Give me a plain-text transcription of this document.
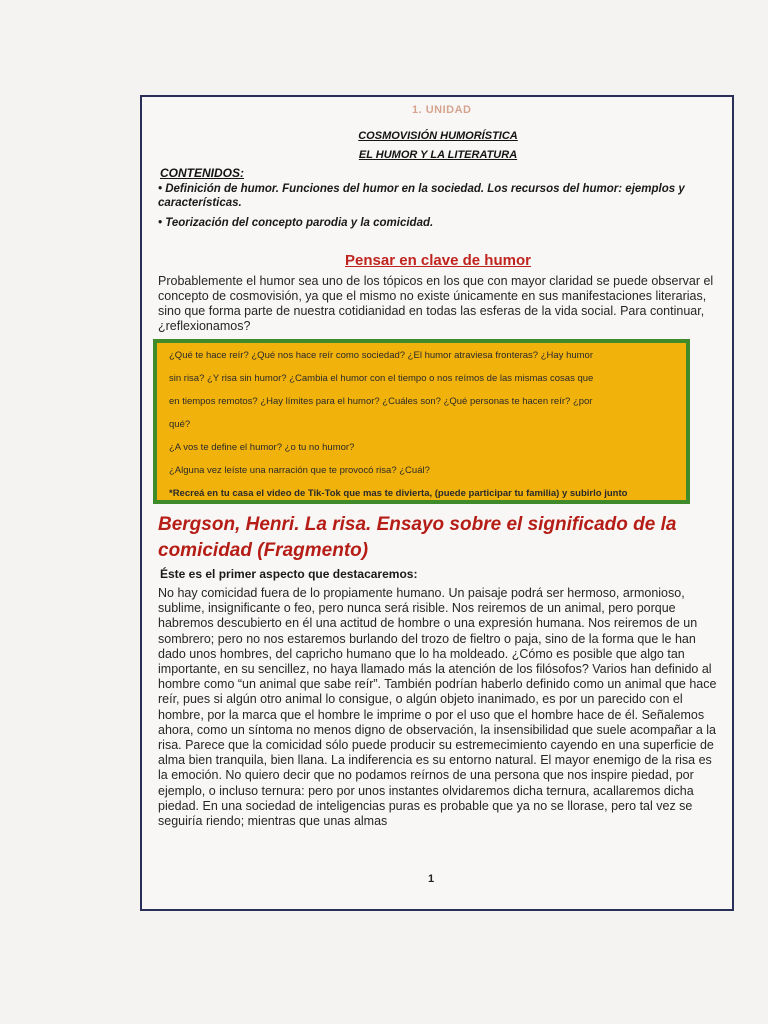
1. UNIDAD
COSMOVISIÓN HUMORÍSTICA
EL HUMOR Y LA LITERATURA
CONTENIDOS:
• Definición de humor. Funciones del humor en la sociedad. Los recursos del humor: ejemplos y características.
• Teorización del concepto parodia y la comicidad.
Pensar en clave de humor
Probablemente el humor sea uno de los tópicos en los que con mayor claridad se puede observar el concepto de cosmovisión, ya que el mismo no existe únicamente en sus manifestaciones literarias, sino que forma parte de nuestra cotidianidad en todas las esferas de la vida social. Para continuar, ¿reflexionamos?
¿Qué te hace reír? ¿Qué nos hace reír como sociedad? ¿El humor atraviesa fronteras? ¿Hay humor
sin risa? ¿Y risa sin humor? ¿Cambia el humor con el tiempo o nos reímos de las mismas cosas que
en tiempos remotos? ¿Hay límites para el humor? ¿Cuáles son? ¿Qué personas te hacen reír? ¿por
qué?
¿A vos te define el humor? ¿o tu no humor?
¿Alguna vez leíste una narración que te provocó risa? ¿Cuál?
*Recreá en tu casa el video de Tik-Tok que mas te divierta, (puede participar tu familia) y subirlo junto
Bergson, Henri. La risa. Ensayo sobre el significado de la comicidad (Fragmento)
Éste es el primer aspecto que destacaremos:
No hay comicidad fuera de lo propiamente humano. Un paisaje podrá ser hermoso, armonioso, sublime, insignificante o feo, pero nunca será risible. Nos reiremos de un animal, pero porque habremos descubierto en él una actitud de hombre o una expresión humana. Nos reiremos de un sombrero; pero no nos estaremos burlando del trozo de fieltro o paja, sino de la forma que le han dado unos hombres, del capricho humano que lo ha moldeado. ¿Cómo es posible que algo tan importante, en su sencillez, no haya llamado más la atención de los filósofos? Varios han definido al hombre como “un animal que sabe reír”. También podrían haberlo definido como un animal que hace reír, pues si algún otro animal lo consigue, o algún objeto inanimado, es por un parecido con el hombre, por la marca que el hombre le imprime o por el uso que el hombre hace de él. Señalemos ahora, como un síntoma no menos digno de observación, la insensibilidad que suele acompañar a la risa. Parece que la comicidad sólo puede producir su estremecimiento cayendo en una superficie de alma bien tranquila, bien llana. La indiferencia es su entorno natural. El mayor enemigo de la risa es la emoción. No quiero decir que no podamos reírnos de una persona que nos inspire piedad, por ejemplo, o incluso ternura: pero por unos instantes olvidaremos dicha ternura, acallaremos dicha piedad. En una sociedad de inteligencias puras es probable que ya no se llorase, pero tal vez se seguiría riendo; mientras que unas almas
1
